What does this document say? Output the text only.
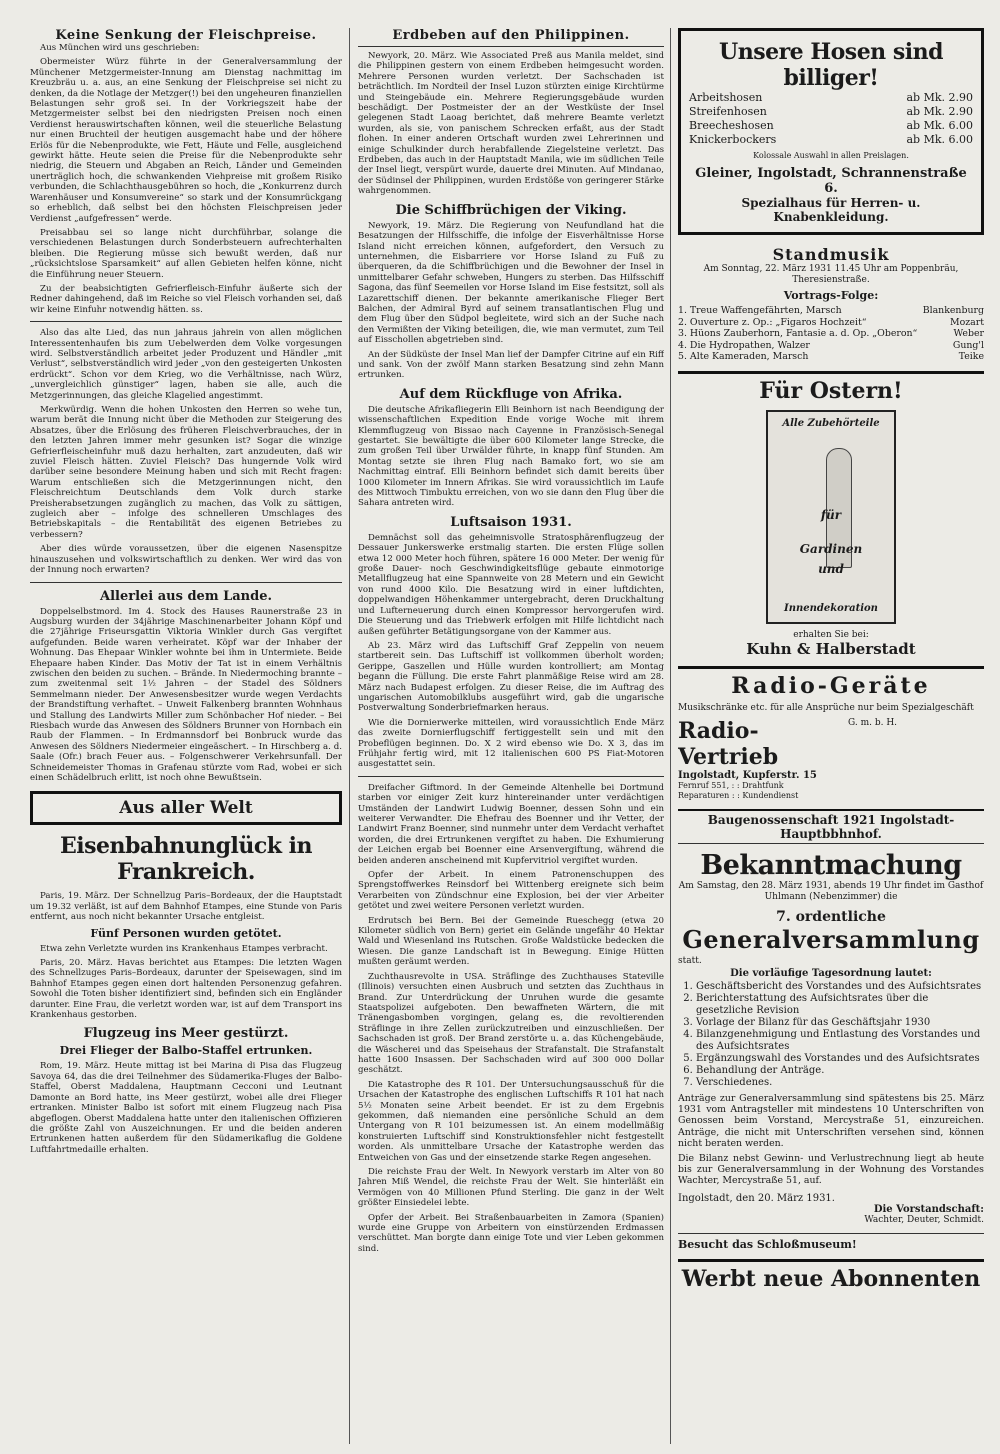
Keine Senkung der Fleischpreise.
Aus München wird uns geschrieben:
Obermeister Würz führte in der Generalversammlung der Münchener Metzgermeister-Innung am Dienstag nachmittag im Kreuzbräu u. a. aus, an eine Senkung der Fleischpreise sei nicht zu denken, da die Notlage der Metzger(!) bei den ungeheuren finanziellen Belastungen sehr groß sei. In der Vorkriegszeit habe der Metzgermeister selbst bei den niedrigsten Preisen noch einen Verdienst herauswirtschaften können, weil die steuerliche Belastung nur einen Bruchteil der heutigen ausgemacht habe und der höhere Erlös für die Nebenprodukte, wie Fett, Häute und Felle, ausgleichend gewirkt hätte. Heute seien die Preise für die Nebenprodukte sehr niedrig, die Steuern und Abgaben an Reich, Länder und Gemeinden unerträglich hoch, die schwankenden Viehpreise mit großem Risiko verbunden, die Schlachthausgebühren so hoch, die „Konkurrenz durch Warenhäuser und Konsumvereine“ so stark und der Konsumrückgang so erheblich, daß selbst bei den höchsten Fleischpreisen jeder Verdienst „aufgefressen“ werde.
Preisabbau sei so lange nicht durchführbar, solange die verschiedenen Belastungen durch Sonderbsteuern aufrechterhalten bleiben. Die Regierung müsse sich bewußt werden, daß nur „rücksichtslose Sparsamkeit“ auf allen Gebieten helfen könne, nicht die Einführung neuer Steuern.
Zu der beabsichtigten Gefrierfleisch-Einfuhr äußerte sich der Redner dahingehend, daß im Reiche so viel Fleisch vorhanden sei, daß wir keine Einfuhr notwendig hätten. ss.
Also das alte Lied, das nun jahraus jahrein von allen möglichen Interessentenhaufen bis zum Uebelwerden dem Volke vorgesungen wird. Selbstverständlich arbeitet jeder Produzent und Händler „mit Verlust“, selbstverständlich wird jeder „von den gesteigerten Unkosten erdrückt“. Schon vor dem Krieg, wo die Verhältnisse, nach Würz, „unvergleichlich günstiger“ lagen, haben sie alle, auch die Metzgerinnungen, das gleiche Klagelied angestimmt.
Merkwürdig. Wenn die hohen Unkosten den Herren so wehe tun, warum berät die Innung nicht über die Methoden zur Steigerung des Absatzes, über die Erlösung des früheren Fleischverbrauches, der in den letzten Jahren immer mehr gesunken ist? Sogar die winzige Gefrierfleischeinfuhr muß dazu herhalten, zart anzudeuten, daß wir zuviel Fleisch hätten. Zuviel Fleisch? Das hungernde Volk wird darüber seine besondere Meinung haben und sich mit Recht fragen: Warum entschließen sich die Metzgerinnungen nicht, den Fleischreichtum Deutschlands dem Volk durch starke Preisherabsetzungen zugänglich zu machen, das Volk zu sättigen, zugleich aber – infolge des schnelleren Umschlages des Betriebskapitals – die Rentabilität des eigenen Betriebes zu verbessern?
Aber dies würde voraussetzen, über die eigenen Nasenspitze hinauszusehen und volkswirtschaftlich zu denken. Wer wird das von der Innung noch erwarten?
Allerlei aus dem Lande.
Doppelselbstmord. Im 4. Stock des Hauses Raunerstraße 23 in Augsburg wurden der 34jährige Maschinenarbeiter Johann Köpf und die 27jährige Friseursgattin Viktoria Winkler durch Gas vergiftet aufgefunden. Beide waren verheiratet. Köpf war der Inhaber der Wohnung. Das Ehepaar Winkler wohnte bei ihm in Untermiete. Beide Ehepaare haben Kinder. Das Motiv der Tat ist in einem Verhältnis zwischen den beiden zu suchen. – Brände. In Niedermoching brannte – zum zweitenmal seit 1½ Jahren – der Stadel des Söldners Semmelmann nieder. Der Anwesensbesitzer wurde wegen Verdachts der Brandstiftung verhaftet. – Unweit Falkenberg brannten Wohnhaus und Stallung des Landwirts Miller zum Schönbacher Hof nieder. – Bei Riesbach wurde das Anwesen des Söldners Brunner von Hornbach ein Raub der Flammen. – In Erdmannsdorf bei Bonbruck wurde das Anwesen des Söldners Niedermeier eingeäschert. – In Hirschberg a. d. Saale (Ofr.) brach Feuer aus. – Folgenschwerer Verkehrsunfall. Der Schneidemeister Thomas in Grafenau stürzte vom Rad, wobei er sich einen Schädelbruch erlitt, ist noch ohne Bewußtsein.
Aus aller Welt
Eisenbahnunglück in Frankreich.
Paris, 19. März. Der Schnellzug Paris–Bordeaux, der die Hauptstadt um 19.32 verläßt, ist auf dem Bahnhof Etampes, eine Stunde von Paris entfernt, aus noch nicht bekannter Ursache entgleist.
Fünf Personen wurden getötet.
Etwa zehn Verletzte wurden ins Krankenhaus Etampes verbracht.
Paris, 20. März. Havas berichtet aus Etampes: Die letzten Wagen des Schnellzuges Paris–Bordeaux, darunter der Speisewagen, sind im Bahnhof Etampes gegen einen dort haltenden Personenzug gefahren. Sowohl die Toten bisher identifiziert sind, befinden sich ein Engländer darunter. Eine Frau, die verletzt worden war, ist auf dem Transport ins Krankenhaus gestorben.
Flugzeug ins Meer gestürzt.
Drei Flieger der Balbo-Staffel ertrunken.
Rom, 19. März. Heute mittag ist bei Marina di Pisa das Flugzeug Savoya 64, das die drei Teilnehmer des Südamerika-Fluges der Balbo-Staffel, Oberst Maddalena, Hauptmann Cecconi und Leutnant Damonte an Bord hatte, ins Meer gestürzt, wobei alle drei Flieger ertranken. Minister Balbo ist sofort mit einem Flugzeug nach Pisa abgeflogen. Oberst Maddalena hatte unter den italienischen Offizieren die größte Zahl von Auszeichnungen. Er und die beiden anderen Ertrunkenen hatten außerdem für den Südamerikaflug die Goldene Luftfahrtmedaille erhalten.
Erdbeben auf den Philippinen.
Newyork, 20. März. Wie Associated Preß aus Manila meldet, sind die Philippinen gestern von einem Erdbeben heimgesucht worden. Mehrere Personen wurden verletzt. Der Sachschaden ist beträchtlich. Im Nordteil der Insel Luzon stürzten einige Kirchtürme und Steingebäude ein. Mehrere Regierungsgebäude wurden beschädigt. Der Postmeister der an der Westküste der Insel gelegenen Stadt Laoag berichtet, daß mehrere Beamte verletzt wurden, als sie, von panischem Schrecken erfaßt, aus der Stadt flohen. In einer anderen Ortschaft wurden zwei Lehrerinnen und einige Schulkinder durch herabfallende Ziegelsteine verletzt. Das Erdbeben, das auch in der Hauptstadt Manila, wie im südlichen Teile der Insel liegt, verspürt wurde, dauerte drei Minuten. Auf Mindanao, der Südinsel der Philippinen, wurden Erdstöße von geringerer Stärke wahrgenommen.
Die Schiffbrüchigen der Viking.
Newyork, 19. März. Die Regierung von Neufundland hat die Besatzungen der Hilfsschiffe, die infolge der Eisverhältnisse Horse Island nicht erreichen können, aufgefordert, den Versuch zu unternehmen, die Eisbarriere vor Horse Island zu Fuß zu überqueren, da die Schiffbrüchigen und die Bewohner der Insel in unmittelbarer Gefahr schweben, Hungers zu sterben. Das Hilfsschiff Sagona, das fünf Seemeilen vor Horse Island im Eise festsitzt, soll als Lazarettschiff dienen. Der bekannte amerikanische Flieger Bert Balchen, der Admiral Byrd auf seinem transatlantischen Flug und dem Flug über den Südpol begleitete, wird sich an der Suche nach den Vermißten der Viking beteiligen, die, wie man vermutet, zum Teil auf Eisschollen abgetrieben sind.
An der Südküste der Insel Man lief der Dampfer Citrine auf ein Riff und sank. Von der zwölf Mann starken Besatzung sind zehn Mann ertrunken.
Auf dem Rückfluge von Afrika.
Die deutsche Afrikafliegerin Elli Beinhorn ist nach Beendigung der wissenschaftlichen Expedition Ende vorige Woche mit ihrem Klemmflugzeug von Bissao nach Cayenne in Französisch-Senegal gestartet. Sie bewältigte die über 600 Kilometer lange Strecke, die zum großen Teil über Urwälder führte, in knapp fünf Stunden. Am Montag setzte sie ihren Flug nach Bamako fort, wo sie am Nachmittag eintraf. Elli Beinhorn befindet sich damit bereits über 1000 Kilometer im Innern Afrikas. Sie wird voraussichtlich im Laufe des Mittwoch Timbuktu erreichen, von wo sie dann den Flug über die Sahara antreten wird.
Luftsaison 1931.
Demnächst soll das geheimnisvolle Stratosphärenflugzeug der Dessauer Junkerswerke erstmalig starten. Die ersten Flüge sollen etwa 12 000 Meter hoch führen, spätere 16 000 Meter. Der wenig für große Dauer- noch Geschwindigkeitsflüge gebaute einmotorige Metallflugzeug hat eine Spannweite von 28 Metern und ein Gewicht von rund 4000 Kilo. Die Besatzung wird in einer luftdichten, doppelwandigen Höhenkammer untergebracht, deren Druckhaltung und Lufterneuerung durch einen Kompressor hervorgerufen wird. Die Steuerung und das Triebwerk erfolgen mit Hilfe lichtdicht nach außen geführter Betätigungsorgane von der Kammer aus.
Ab 23. März wird das Luftschiff Graf Zeppelin von neuem startbereit sein. Das Luftschiff ist vollkommen überholt worden; Gerippe, Gaszellen und Hülle wurden kontrolliert; am Montag begann die Füllung. Die erste Fahrt planmäßige Reise wird am 28. März nach Budapest erfolgen. Zu dieser Reise, die im Auftrag des ungarischen Automobilklubs ausgeführt wird, gab die ungarische Postverwaltung Sonderbriefmarken heraus.
Wie die Dornierwerke mitteilen, wird voraussichtlich Ende März das zweite Dornierflugschiff fertiggestellt sein und mit den Probeflügen beginnen. Do. X 2 wird ebenso wie Do. X 3, das im Frühjahr fertig wird, mit 12 italienischen 600 PS Fiat-Motoren ausgestattet sein.
Dreifacher Giftmord. In der Gemeinde Altenhelle bei Dortmund starben vor einiger Zeit kurz hintereinander unter verdächtigen Umständen der Landwirt Ludwig Boenner, dessen Sohn und ein weiterer Verwandter. Die Ehefrau des Boenner und ihr Vetter, der Landwirt Franz Boenner, sind nunmehr unter dem Verdacht verhaftet worden, die drei Ertrunkenen vergiftet zu haben. Die Exhumierung der Leichen ergab bei Boenner eine Arsenvergiftung, während die beiden anderen anscheinend mit Kupfervitriol vergiftet wurden.
Opfer der Arbeit. In einem Patronenschuppen des Sprengstoffwerkes Reinsdorf bei Wittenberg ereignete sich beim Verarbeiten von Zündschnur eine Explosion, bei der vier Arbeiter getötet und zwei weitere Personen verletzt wurden.
Erdrutsch bei Bern. Bei der Gemeinde Rueschegg (etwa 20 Kilometer südlich von Bern) geriet ein Gelände ungefähr 40 Hektar Wald und Wiesenland ins Rutschen. Große Waldstücke bedecken die Wiesen. Die ganze Landschaft ist in Bewegung. Einige Hütten mußten geräumt werden.
Zuchthausrevolte in USA. Sträflinge des Zuchthauses Stateville (Illinois) versuchten einen Ausbruch und setzten das Zuchthaus in Brand. Zur Unterdrückung der Unruhen wurde die gesamte Staatspolizei aufgeboten. Den bewaffneten Wärtern, die mit Tränengasbomben vorgingen, gelang es, die revoltierenden Sträflinge in ihre Zellen zurückzutreiben und einzuschließen. Der Sachschaden ist groß. Der Brand zerstörte u. a. das Küchengebäude, die Wäscherei und das Speisehaus der Strafanstalt. Die Strafanstalt hatte 1600 Insassen. Der Sachschaden wird auf 300 000 Dollar geschätzt.
Die Katastrophe des R 101. Der Untersuchungsausschuß für die Ursachen der Katastrophe des englischen Luftschiffs R 101 hat nach 5½ Monaten seine Arbeit beendet. Er ist zu dem Ergebnis gekommen, daß niemanden eine persönliche Schuld an dem Untergang von R 101 beizumessen ist. An einem modellmäßig konstruierten Luftschiff sind Konstruktionsfehler nicht festgestellt worden. Als unmittelbare Ursache der Katastrophe werden das Entweichen von Gas und der einsetzende starke Regen angesehen.
Die reichste Frau der Welt. In Newyork verstarb im Alter von 80 Jahren Miß Wendel, die reichste Frau der Welt. Sie hinterläßt ein Vermögen von 40 Millionen Pfund Sterling. Die ganz in der Welt größter Einsiedelei lebte.
Opfer der Arbeit. Bei Straßenbauarbeiten in Zamora (Spanien) wurde eine Gruppe von Arbeitern von einstürzenden Erdmassen verschüttet. Man borgte dann einige Tote und vier Leben gekommen sind.
Unsere Hosen sind billiger!
Arbeitshosen	ab Mk. 2.90
Streifenhosen	ab Mk. 2.90
Breecheshosen	ab Mk. 6.00
Knickerbockers	ab Mk. 6.00
Kolossale Auswahl in allen Preislagen.
Gleiner, Ingolstadt, Schrannenstraße 6.
Spezialhaus für Herren- u. Knabenkleidung.
Standmusik
Am Sonntag, 22. März 1931 11.45 Uhr am Poppenbräu, Theresienstraße.
Vortrags-Folge:
1. Treue Waffengefährten, Marsch	Blankenburg
2. Ouverture z. Op.: „Figaros Hochzeit“	Mozart
3. Hüons Zauberhorn, Fantasie a. d. Op. „Oberon“	Weber
4. Die Hydropathen, Walzer	Gung'l
5. Alte Kameraden, Marsch	Teike
Für Ostern!
Alle Zubehörteile
für
Gardinen
und
Innendekoration
erhalten Sie bei:
Kuhn & Halberstadt
Radio-Geräte
Musikschränke etc. für alle Ansprüche nur beim Spezialgeschäft
Radio-Vertrieb
G. m. b. H.
Ingolstadt, Kupferstr. 15
Fernruf 551, : : Drahtfunk
Reparaturen : : Kundendienst
Baugenossenschaft 1921 Ingolstadt-Hauptbbhnhof.
Bekanntmachung
Am Samstag, den 28. März 1931, abends 19 Uhr findet im Gasthof Uhlmann (Nebenzimmer) die
7. ordentliche
Generalversammlung
statt.
Die vorläufige Tagesordnung lautet:
1. Geschäftsbericht des Vorstandes und des Aufsichtsrates
2. Berichterstattung des Aufsichtsrates über die gesetzliche Revision
3. Vorlage der Bilanz für das Geschäftsjahr 1930
4. Bilanzgenehmigung und Entlastung des Vorstandes und des Aufsichtsrates
5. Ergänzungswahl des Vorstandes und des Aufsichtsrates
6. Behandlung der Anträge.
7. Verschiedenes.
Anträge zur Generalversammlung sind spätestens bis 25. März 1931 vom Antragsteller mit mindestens 10 Unterschriften von Genossen beim Vorstand, Mercystraße 51, einzureichen. Anträge, die nicht mit Unterschriften versehen sind, können nicht beraten werden.
Die Bilanz nebst Gewinn- und Verlustrechnung liegt ab heute bis zur Generalversammlung in der Wohnung des Vorstandes Wachter, Mercystraße 51, auf.
Ingolstadt, den 20. März 1931.
Die Vorstandschaft:
Wachter, Deuter, Schmidt.
Besucht das Schloßmuseum!
Werbt neue Abonnenten
